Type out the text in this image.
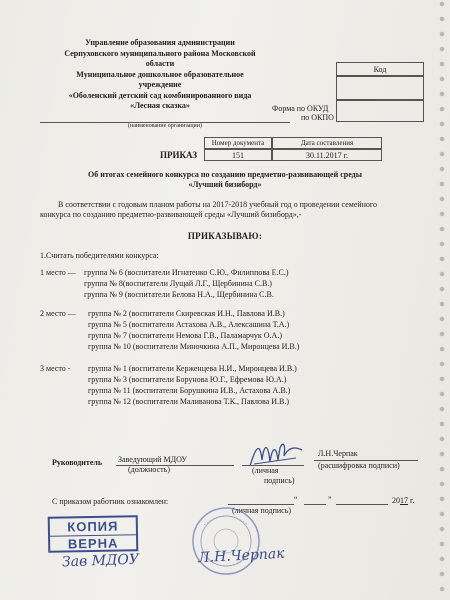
Управление образования администрации
Серпуховского муниципального района Московской
области
Муниципальное дошкольное образовательное
учреждение
«Оболенский детский сад комбинированного вида
«Лесная сказка»
(наименование организации)
Код
Форма по ОКУД
по ОКПО
Номер документа	Дата составления
151	30.11.2017 г.
ПРИКАЗ
Об итогах семейного конкурса по созданию предметно-развивающей среды
«Лучший бизиборд»
В соответствии с годовым планом работы на 2017-2018 учебный год о проведении семейного
конкурса по созданию предметно-развивающей среды «Лучший бизиборд»,-
ПРИКАЗЫВАЮ:
1.Считать победителями конкурса:
1 место — группа № 6 (воспитатели Игнатенко С.Ю., Филиппова Е.С.)
группа № 8(воспитатели Лущай Л.Г., Щербинина С.В.)
группа № 9 (воспитатели Белова Н.А., Щербинина С.В.
2 место — группа № 2 (воспитатели Скиревская И.Н., Павлова И.В.)
группа № 5 (воспитатели Астахова А.В., Алексашина Т.А.)
группа № 7 (воспитатели Немова Г.В., Паламарчук О.А.)
группа № 10 (воспитатели Миночкина А.П., Миронцева И.В.)
3 место - группа № 1 (воспитатели Керженцева Н.И., Миронцева И.В.)
группа № 3 (воспитатели Борунова Ю.Г., Ефремова Ю.А.)
группа № 11 (воспитатели Борушкина И.В., Астахова А.В.)
группа № 12 (воспитатели Маливанова Т.К., Павлова И.В.)
Руководитель Заведующий МДОУ
(должность)	(личная
подпись)
Л.Н.Черпак
(расшифровка подписи)
С приказом работник ознакомлен:	“	”	2017 г.
(личная подпись)
КОПИЯ
ВЕРНА
Зав МДОУ	Л.Н.Черпак
